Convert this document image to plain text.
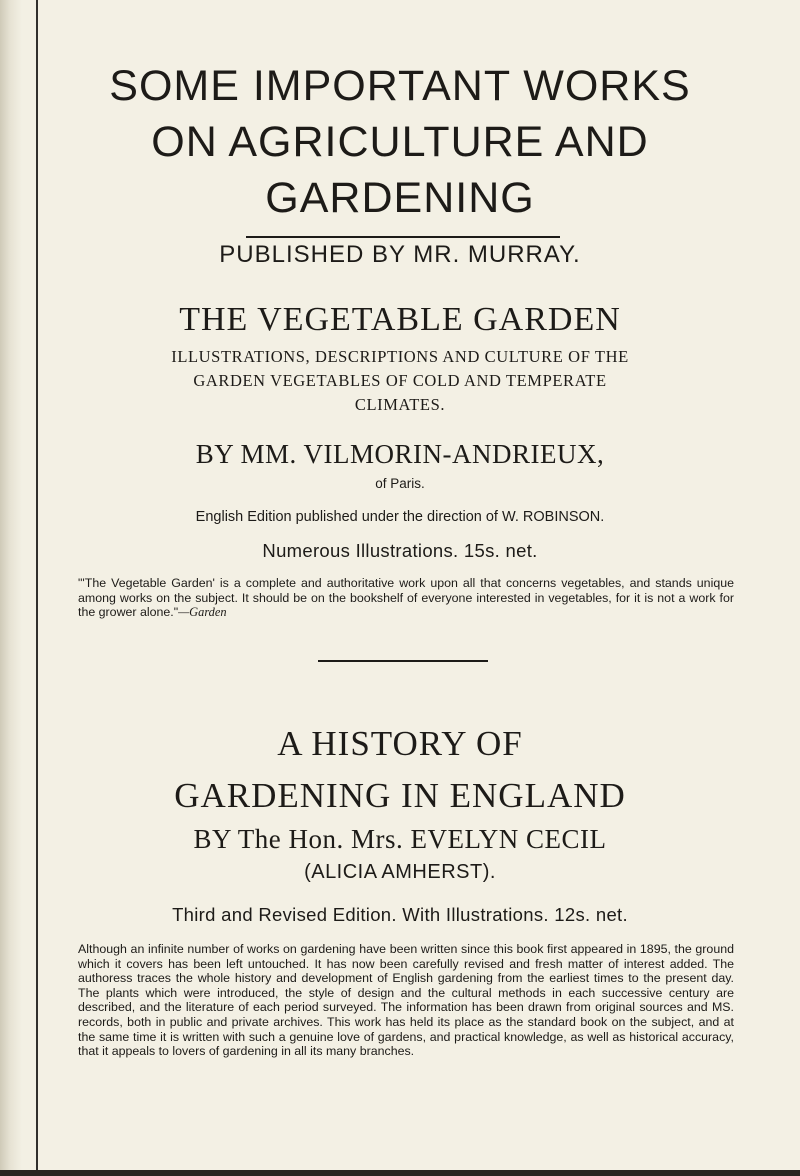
SOME IMPORTANT WORKS
ON AGRICULTURE AND
GARDENING
PUBLISHED BY MR. MURRAY.
THE VEGETABLE GARDEN
ILLUSTRATIONS, DESCRIPTIONS AND CULTURE OF THE
GARDEN VEGETABLES OF COLD AND TEMPERATE
CLIMATES.
BY MM. VILMORIN-ANDRIEUX,
of Paris.
English Edition published under the direction of W. ROBINSON.
Numerous Illustrations. 15s. net.
"'The Vegetable Garden' is a complete and authoritative work upon all that concerns vegetables, and stands unique among works on the subject. It should be on the bookshelf of everyone interested in vegetables, for it is not a work for the grower alone."—Garden
A HISTORY OF
GARDENING IN ENGLAND
BY The Hon. Mrs. EVELYN CECIL
(ALICIA AMHERST).
Third and Revised Edition. With Illustrations. 12s. net.
Although an infinite number of works on gardening have been written since this book first appeared in 1895, the ground which it covers has been left untouched. It has now been carefully revised and fresh matter of interest added. The authoress traces the whole history and development of English gardening from the earliest times to the present day. The plants which were introduced, the style of design and the cultural methods in each successive century are described, and the literature of each period surveyed. The information has been drawn from original sources and MS. records, both in public and private archives. This work has held its place as the standard book on the subject, and at the same time it is written with such a genuine love of gardens, and practical knowledge, as well as historical accuracy, that it appeals to lovers of gardening in all its many branches.
